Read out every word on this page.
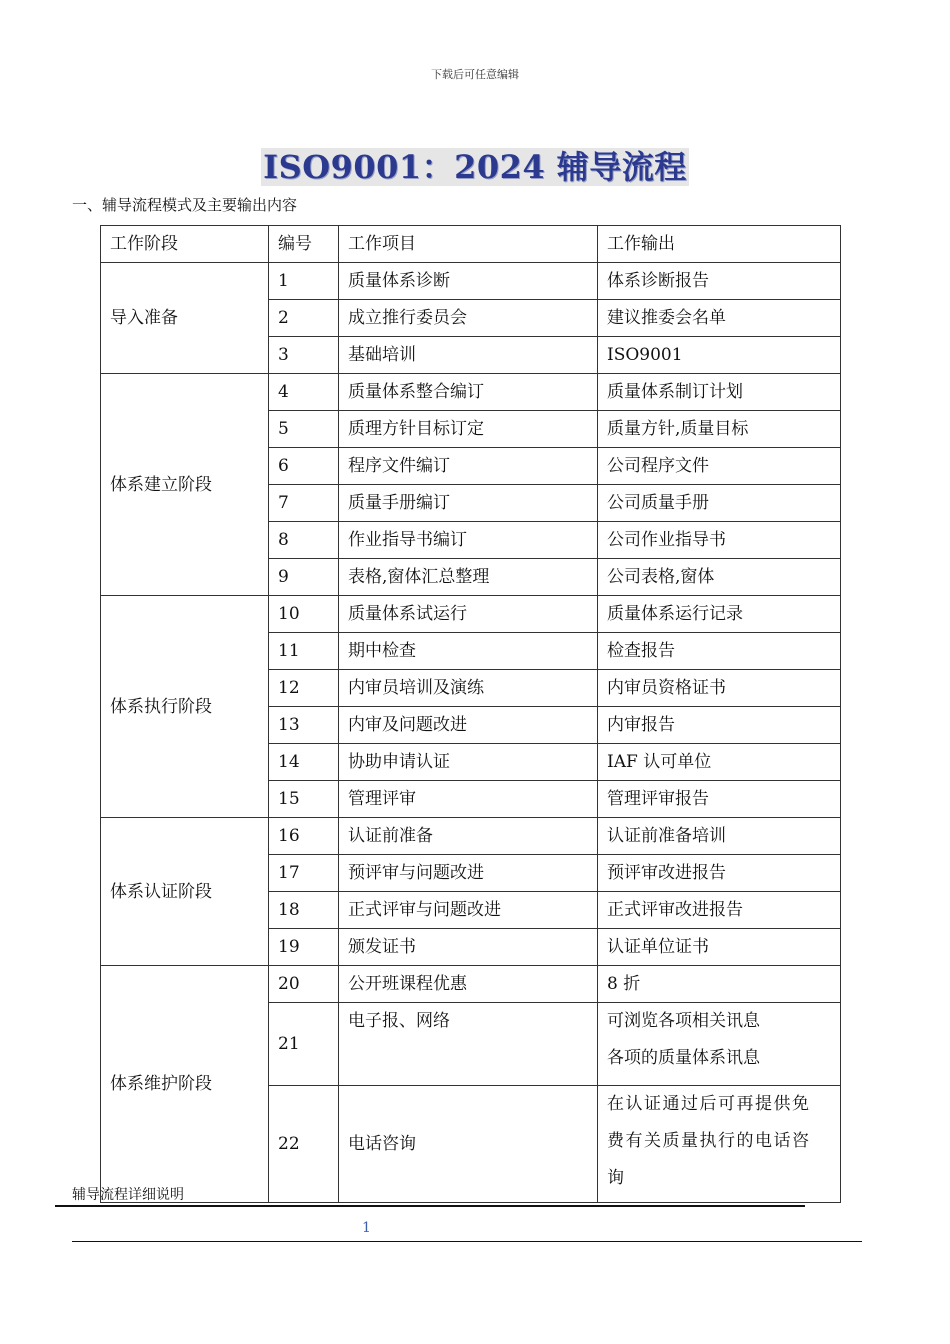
下载后可任意编辑
ISO9001：2024 辅导流程
一、辅导流程模式及主要输出内容
工作阶段	编号	工作项目	工作输出
导入准备	1	质量体系诊断	体系诊断报告
	2	成立推行委员会	建议推委会名单
	3	基础培训	ISO9001
体系建立阶段	4	质量体系整合编订	质量体系制订计划
	5	质理方针目标订定	质量方针,质量目标
	6	程序文件编订	公司程序文件
	7	质量手册编订	公司质量手册
	8	作业指导书编订	公司作业指导书
	9	表格,窗体汇总整理	公司表格,窗体
体系执行阶段	10	质量体系试运行	质量体系运行记录
	11	期中检查	检查报告
	12	内审员培训及演练	内审员资格证书
	13	内审及问题改进	内审报告
	14	协助申请认证	IAF 认可单位
	15	管理评审	管理评审报告
体系认证阶段	16	认证前准备	认证前准备培训
	17	预评审与问题改进	预评审改进报告
	18	正式评审与问题改进	正式评审改进报告
	19	颁发证书	认证单位证书
体系维护阶段	20	公开班课程优惠	8 折
	21	电子报、网络	可浏览各项相关讯息
各项的质量体系讯息

	22	电话咨询	在认证通过后可再提供免
费有关质量执行的电话咨
询
辅导流程详细说明
1
